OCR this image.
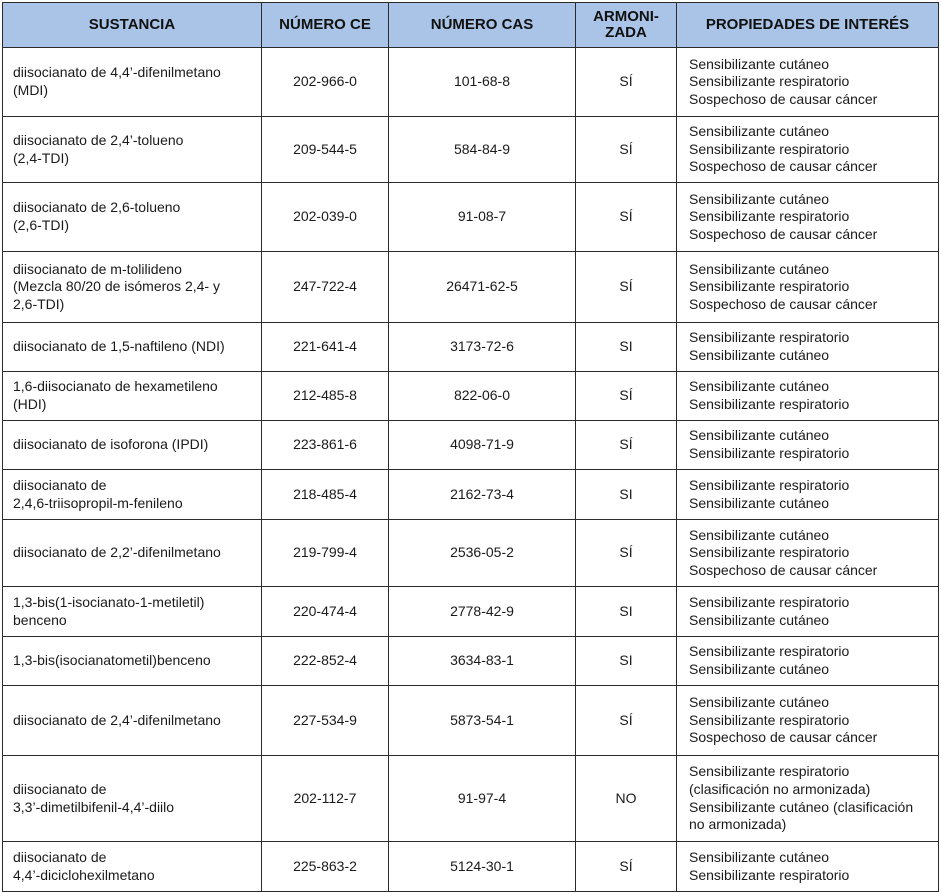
SUSTANCIA	NÚMERO CE	NÚMERO CAS	ARMONI-
ZADA	PROPIEDADES DE INTERÉS

diisocianato de 4,4’-difenilmetano
(MDI)	202-966-0	101-68-8	SÍ	Sensibilizante cutáneo
Sensibilizante respiratorio
Sospechoso de causar cáncer

diisocianato de 2,4’-tolueno
(2,4-TDI)	209-544-5	584-84-9	SÍ	Sensibilizante cutáneo
Sensibilizante respiratorio
Sospechoso de causar cáncer

diisocianato de 2,6-tolueno
(2,6-TDI)	202-039-0	91-08-7	SÍ	Sensibilizante cutáneo
Sensibilizante respiratorio
Sospechoso de causar cáncer

diisocianato de m-tolilideno
(Mezcla 80/20 de isómeros 2,4- y
2,6-TDI)	247-722-4	26471-62-5	SÍ	Sensibilizante cutáneo
Sensibilizante respiratorio
Sospechoso de causar cáncer

diisocianato de 1,5-naftileno (NDI)	221-641-4	3173-72-6	SI	Sensibilizante respiratorio
Sensibilizante cutáneo

1,6-diisocianato de hexametileno
(HDI)	212-485-8	822-06-0	SÍ	Sensibilizante cutáneo
Sensibilizante respiratorio

diisocianato de isoforona (IPDI)	223-861-6	4098-71-9	SÍ	Sensibilizante cutáneo
Sensibilizante respiratorio

diisocianato de
2,4,6-triisopropil-m-fenileno	218-485-4	2162-73-4	SI	Sensibilizante respiratorio
Sensibilizante cutáneo

diisocianato de 2,2’-difenilmetano	219-799-4	2536-05-2	SÍ	Sensibilizante cutáneo
Sensibilizante respiratorio
Sospechoso de causar cáncer

1,3-bis(1-isocianato-1-metiletil)
benceno	220-474-4	2778-42-9	SI	Sensibilizante respiratorio
Sensibilizante cutáneo

1,3-bis(isocianatometil)benceno	222-852-4	3634-83-1	SI	Sensibilizante respiratorio
Sensibilizante cutáneo

diisocianato de 2,4’-difenilmetano	227-534-9	5873-54-1	SÍ	Sensibilizante cutáneo
Sensibilizante respiratorio
Sospechoso de causar cáncer

diisocianato de
3,3’-dimetilbifenil-4,4’-diilo	202-112-7	91-97-4	NO	Sensibilizante respiratorio
(clasificación no armonizada)
Sensibilizante cutáneo (clasificación
no armonizada)

diisocianato de
4,4’-diciclohexilmetano	225-863-2	5124-30-1	SÍ	Sensibilizante cutáneo
Sensibilizante respiratorio
